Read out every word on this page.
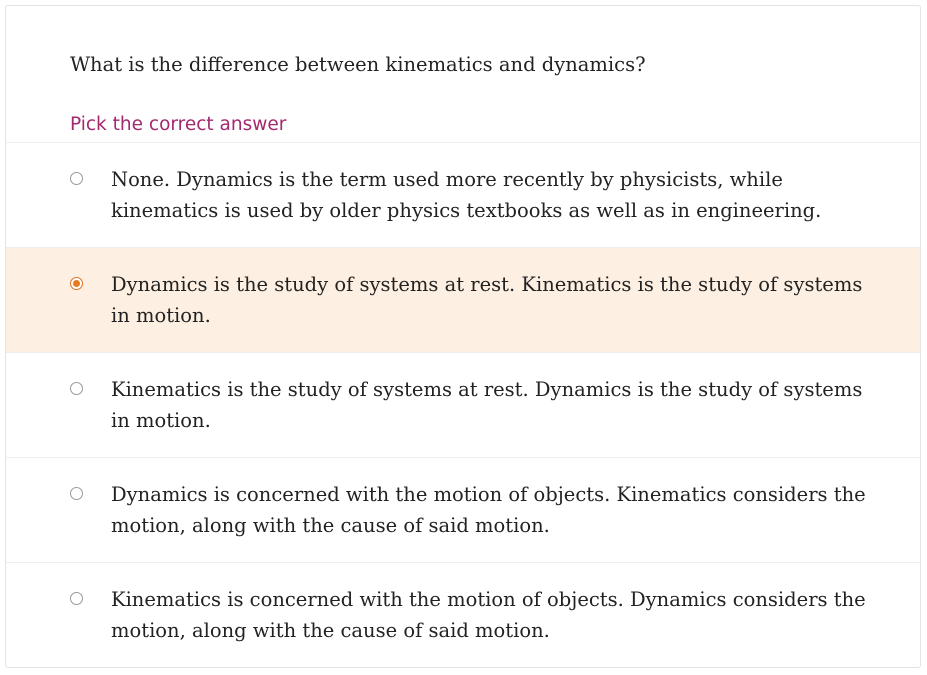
What is the difference between kinematics and dynamics?
Pick the correct answer
None. Dynamics is the term used more recently by physicists, while kinematics is used by older physics textbooks as well as in engineering.
Dynamics is the study of systems at rest. Kinematics is the study of systems in motion.
Kinematics is the study of systems at rest. Dynamics is the study of systems in motion.
Dynamics is concerned with the motion of objects. Kinematics considers the motion, along with the cause of said motion.
Kinematics is concerned with the motion of objects. Dynamics considers the motion, along with the cause of said motion.
